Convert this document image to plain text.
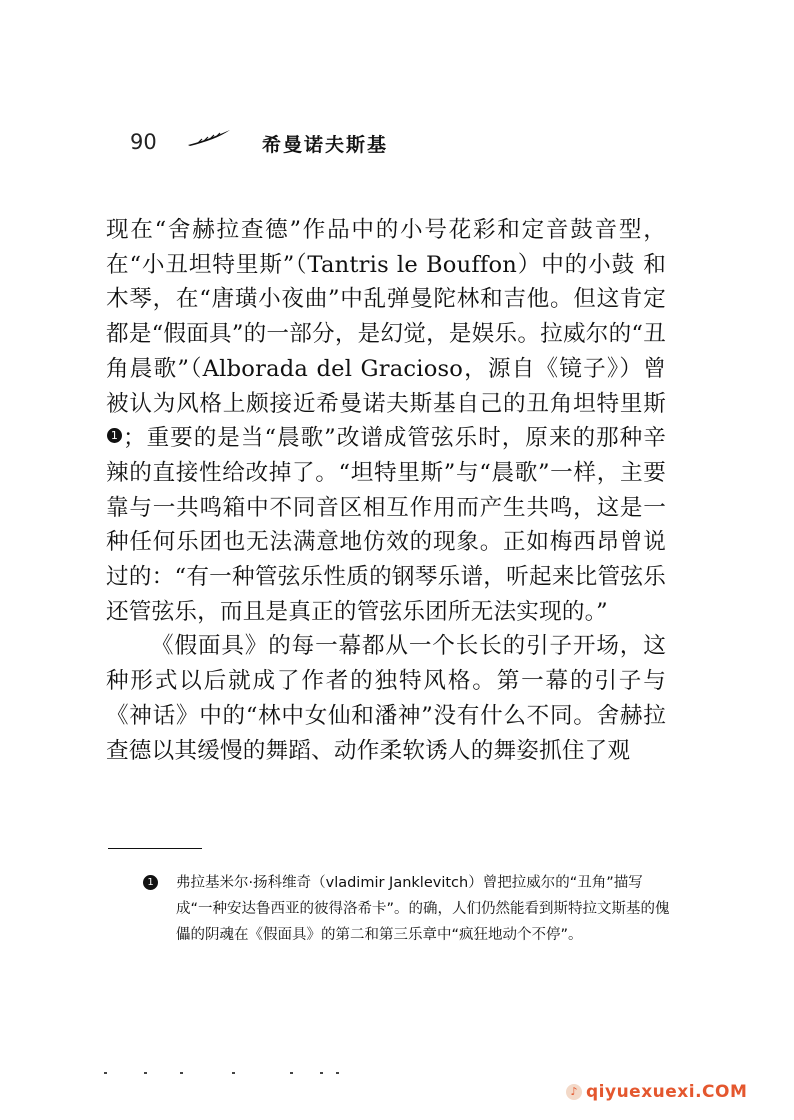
90	希曼诺夫斯基

现在“舍赫拉查德”作品中的小号花彩和定音鼓音型，在“小丑坦特里斯”（Tantris le Bouffon）中的小鼓 和木琴，在“唐璜小夜曲”中乱弹曼陀林和吉他。但这肯定都是“假面具”的一部分，是幻觉，是娱乐。拉威尔的“丑角晨歌”（Alborada del Gracioso，源自《镜子》）曾被认为风格上颇接近希曼诺夫斯基自己的丑角坦特里斯1 ；重要的是当“晨歌”改谱成管弦乐时，原来的那种辛辣的直接性给改掉了。“坦特里斯”与“晨歌”一样，主要靠与一共鸣箱中不同音区相互作用而产生共鸣，这是一种任何乐团也无法满意地仿效的现象。正如梅西昂曾说过的：“有一种管弦乐性质的钢琴乐谱，听起来比管弦乐还管弦乐，而且是真正的管弦乐团所无法实现的。”

《假面具》的每一幕都从一个长长的引子开场，这种形式以后就成了作者的独特风格。第一幕的引子与《神话》中的“林中女仙和潘神”没有什么不同。舍赫拉查德以其缓慢的舞蹈、动作柔软诱人的舞姿抓住了观

1 弗拉基米尔·扬科维奇（vladimir Janklevitch）曾把拉威尔的“丑角”描写成“一种安达鲁西亚的彼得洛希卡”。的确，人们仍然能看到斯特拉文斯基的傀儡的阴魂在《假面具》的第二和第三乐章中“疯狂地动个不停”。
♪ qiyuexuexi.COM
